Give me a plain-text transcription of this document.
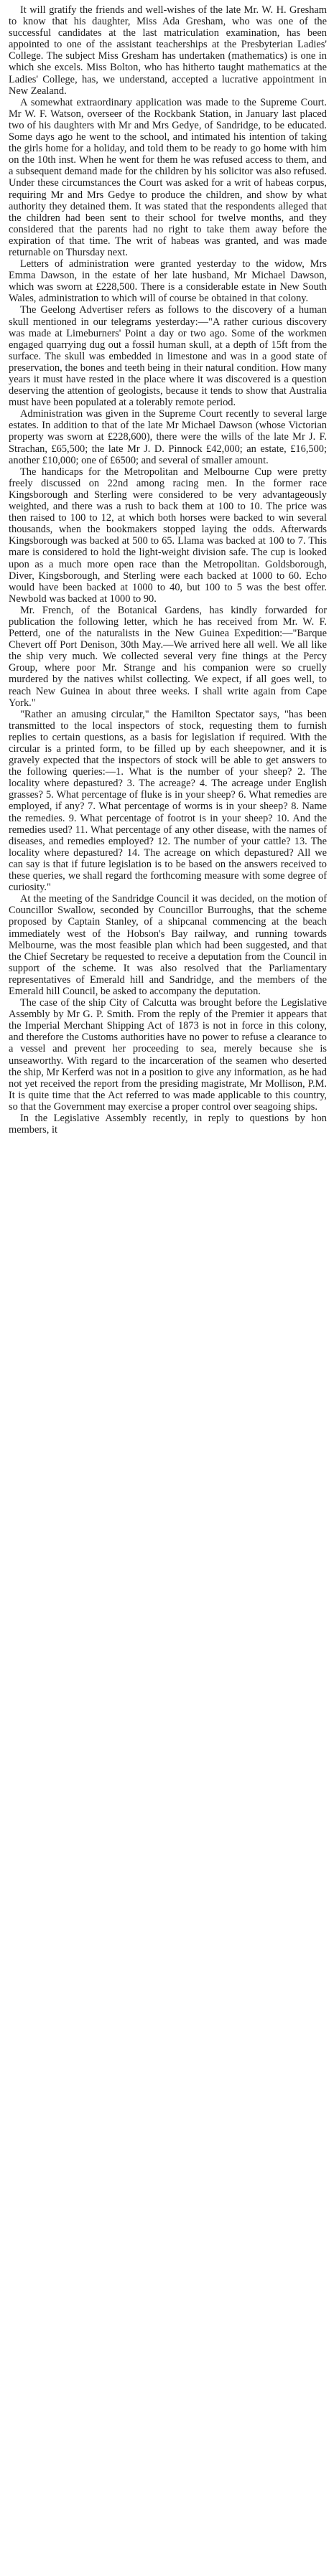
It will gratify the friends and well-wishes of the late Mr. W. H. Gresham to know that his daughter, Miss Ada Gresham, who was one of the successful candidates at the last matriculation examination, has been appointed to one of the assistant teacherships at the Presbyterian Ladies' College. The subject Miss Gresham has undertaken (mathematics) is one in which she excels. Miss Bolton, who has hitherto taught mathematics at the Ladies' College, has, we understand, accepted a lucrative appointment in New Zealand.

A somewhat extraordinary application was made to the Supreme Court. Mr W. F. Watson, overseer of the Rockbank Station, in January last placed two of his daughters with Mr and Mrs Gedye, of Sandridge, to be educated. Some days ago he went to the school, and intimated his intention of taking the girls home for a holiday, and told them to be ready to go home with him on the 10th inst. When he went for them he was refused access to them, and a subsequent demand made for the children by his solicitor was also refused. Under these circumstances the Court was asked for a writ of habeas corpus, requiring Mr and Mrs Gedye to produce the children, and show by what authority they detained them. It was stated that the respondents alleged that the children had been sent to their school for twelve months, and they considered that the parents had no right to take them away before the expiration of that time. The writ of habeas was granted, and was made returnable on Thursday next.

Letters of administration were granted yesterday to the widow, Mrs Emma Dawson, in the estate of her late husband, Mr Michael Dawson, which was sworn at £228,500. There is a considerable estate in New South Wales, administration to which will of course be obtained in that colony.

The Geelong Advertiser refers as follows to the discovery of a human skull mentioned in our telegrams yesterday:—"A rather curious discovery was made at Limeburners' Point a day or two ago. Some of the workmen engaged quarrying dug out a fossil human skull, at a depth of 15ft from the surface. The skull was embedded in limestone and was in a good state of preservation, the bones and teeth being in their natural condition. How many years it must have rested in the place where it was discovered is a question deserving the attention of geologists, because it tends to show that Australia must have been populated at a tolerably remote period.

Administration was given in the Supreme Court recently to several large estates. In addition to that of the late Mr Michael Dawson (whose Victorian property was sworn at £228,600), there were the wills of the late Mr J. F. Strachan, £65,500; the late Mr J. D. Pinnock £42,000; an estate, £16,500; another £10,000; one of £6500; and several of smaller amount.

The handicaps for the Metropolitan and Melbourne Cup were pretty freely discussed on 22nd among racing men. In the former race Kingsborough and Sterling were considered to be very advantageously weighted, and there was a rush to back them at 100 to 10. The price was then raised to 100 to 12, at which both horses were backed to win several thousands, when the bookmakers stopped laying the odds. Afterwards Kingsborough was backed at 500 to 65. Llama was backed at 100 to 7. This mare is considered to hold the light-weight division safe. The cup is looked upon as a much more open race than the Metropolitan. Goldsborough, Diver, Kingsborough, and Sterling were each backed at 1000 to 60. Echo would have been backed at 1000 to 40, but 100 to 5 was the best offer. Newbold was backed at 1000 to 90.

Mr. French, of the Botanical Gardens, has kindly forwarded for publication the following letter, which he has received from Mr. W. F. Petterd, one of the naturalists in the New Guinea Expedition:—"Barque Chevert off Port Denison, 30th May.—We arrived here all well. We all like the ship very much. We collected several very fine things at the Percy Group, where poor Mr. Strange and his companion were so cruelly murdered by the natives whilst collecting. We expect, if all goes well, to reach New Guinea in about three weeks. I shall write again from Cape York."

"Rather an amusing circular," the Hamilton Spectator says, "has been transmitted to the local inspectors of stock, requesting them to furnish replies to certain questions, as a basis for legislation if required. With the circular is a printed form, to be filled up by each sheepowner, and it is gravely expected that the inspectors of stock will be able to get answers to the following queries:—1. What is the number of your sheep? 2. The locality where depastured? 3. The acreage? 4. The acreage under English grasses? 5. What percentage of fluke is in your sheep? 6. What remedies are employed, if any? 7. What percentage of worms is in your sheep? 8. Name the remedies. 9. What percentage of footrot is in your sheep? 10. And the remedies used? 11. What percentage of any other disease, with the names of diseases, and remedies employed? 12. The number of your cattle? 13. The locality where depastured? 14. The acreage on which depastured? All we can say is that if future legislation is to be based on the answers received to these queries, we shall regard the forthcoming measure with some degree of curiosity."

At the meeting of the Sandridge Council it was decided, on the motion of Councillor Swallow, seconded by Councillor Burroughs, that the scheme proposed by Captain Stanley, of a shipcanal commencing at the beach immediately west of the Hobson's Bay railway, and running towards Melbourne, was the most feasible plan which had been suggested, and that the Chief Secretary be requested to receive a deputation from the Council in support of the scheme. It was also resolved that the Parliamentary representatives of Emerald hill and Sandridge, and the members of the Emerald hill Council, be asked to accompany the deputation.

The case of the ship City of Calcutta was brought before the Legislative Assembly by Mr G. P. Smith. From the reply of the Premier it appears that the Imperial Merchant Shipping Act of 1873 is not in force in this colony, and therefore the Customs authorities have no power to refuse a clearance to a vessel and prevent her proceeding to sea, merely because she is unseaworthy. With regard to the incarceration of the seamen who deserted the ship, Mr Kerferd was not in a position to give any information, as he had not yet received the report from the presiding magistrate, Mr Mollison, P.M. It is quite time that the Act referred to was made applicable to this country, so that the Government may exercise a proper control over seagoing ships.

In the Legislative Assembly recently, in reply to questions by hon members, it
